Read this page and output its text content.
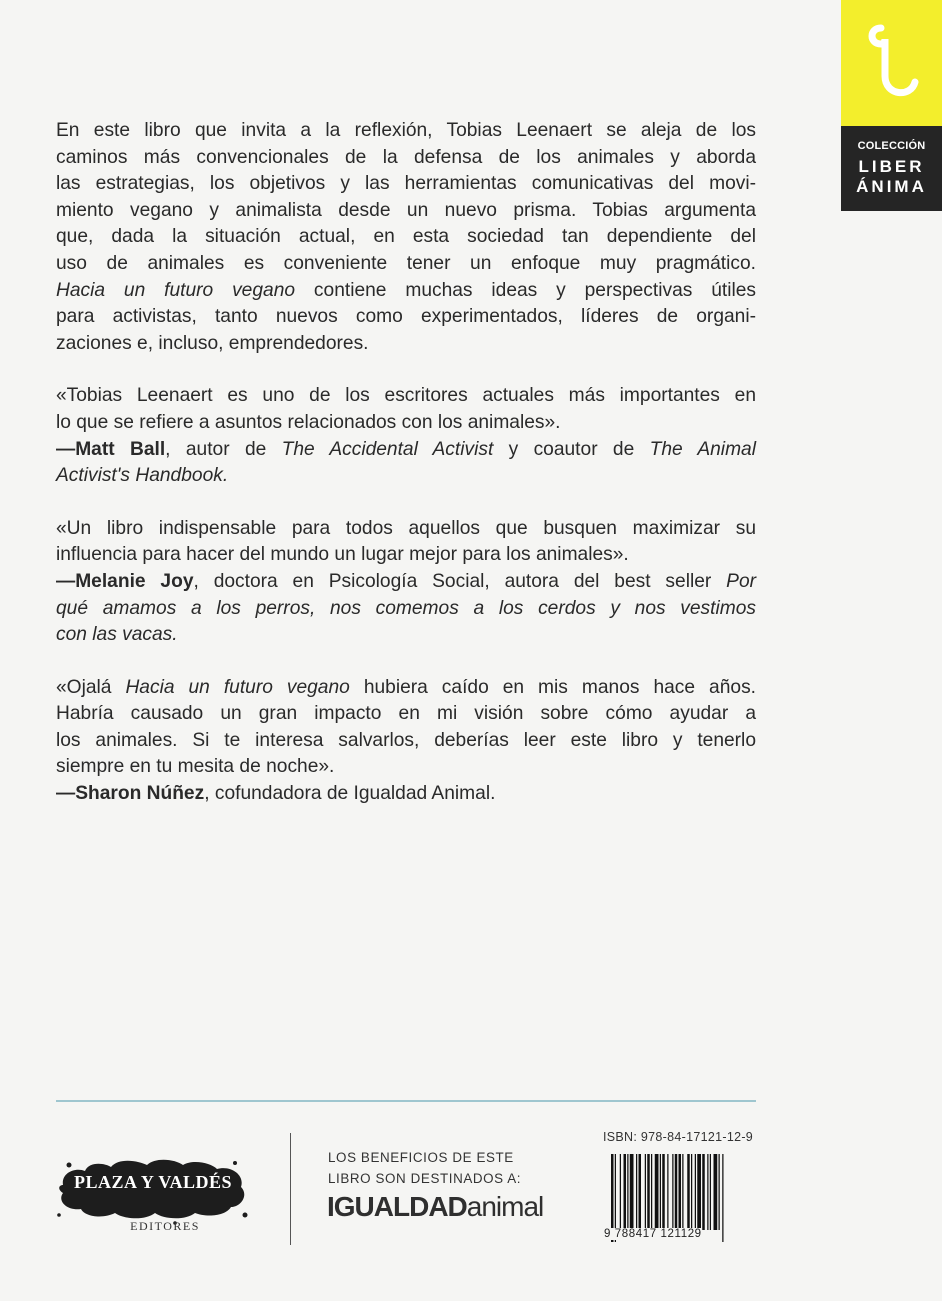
COLECCIÓN
LIBER
ÁNIMA
En este libro que invita a la reflexión, Tobias Leenaert se aleja de los
caminos más convencionales de la defensa de los animales y aborda
las estrategias, los objetivos y las herramientas comunicativas del movi-
miento vegano y animalista desde un nuevo prisma. Tobias argumenta
que, dada la situación actual, en esta sociedad tan dependiente del
uso de animales es conveniente tener un enfoque muy pragmático.
Hacia un futuro vegano contiene muchas ideas y perspectivas útiles
para activistas, tanto nuevos como experimentados, líderes de organi-
zaciones e, incluso, emprendedores.
«Tobias Leenaert es uno de los escritores actuales más importantes en
lo que se refiere a asuntos relacionados con los animales».
—Matt Ball, autor de The Accidental Activist y coautor de The Animal
Activist's Handbook.
«Un libro indispensable para todos aquellos que busquen maximizar su
influencia para hacer del mundo un lugar mejor para los animales».
—Melanie Joy, doctora en Psicología Social, autora del best seller Por
qué amamos a los perros, nos comemos a los cerdos y nos vestimos
con las vacas.
«Ojalá Hacia un futuro vegano hubiera caído en mis manos hace años.
Habría causado un gran impacto en mi visión sobre cómo ayudar a
los animales. Si te interesa salvarlos, deberías leer este libro y tenerlo
siempre en tu mesita de noche».
—Sharon Núñez, cofundadora de Igualdad Animal.
PLAZA Y VALDÉS
EDITORES
LOS BENEFICIOS DE ESTE
LIBRO SON DESTINADOS A:
IGUALDADanimal
ISBN: 978-84-17121-12-9
9 788417 121129
